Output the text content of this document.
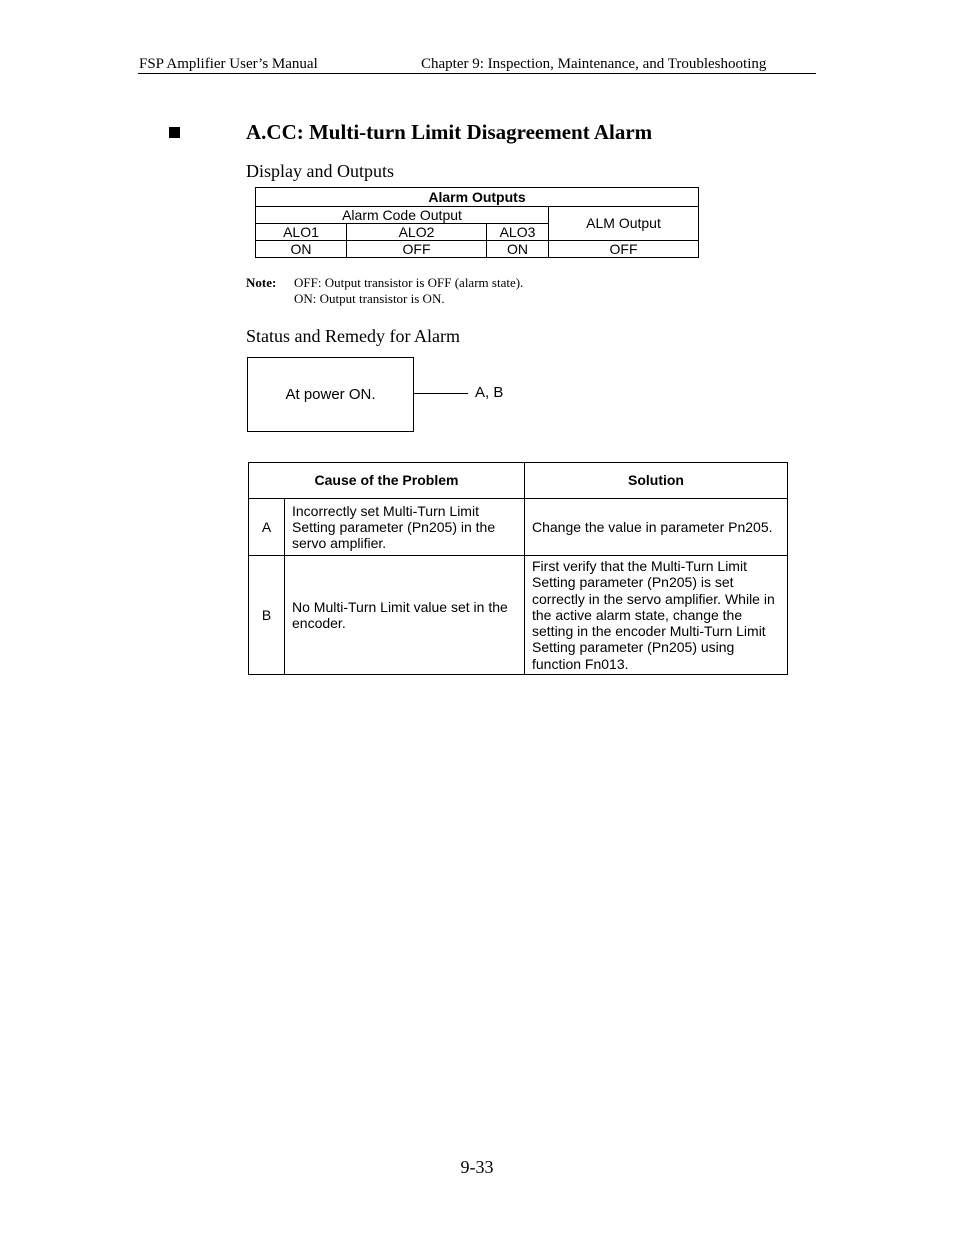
FSP Amplifier User’s Manual	Chapter 9: Inspection, Maintenance, and Troubleshooting
A.CC: Multi-turn Limit Disagreement Alarm
Display and Outputs
Alarm Outputs			
Alarm Code Output			ALM Output
ALO1	ALO2	ALO3	
ON	OFF	ON	OFF
Note: OFF: Output transistor is OFF (alarm state).
ON: Output transistor is ON.
Status and Remedy for Alarm
At power ON.	A, B
Cause of the Problem		Solution
A	Incorrectly set Multi-Turn Limit Setting parameter (Pn205) in the servo amplifier.	Change the value in parameter Pn205.
B	No Multi-Turn Limit value set in the encoder.	First verify that the Multi-Turn Limit Setting parameter (Pn205) is set correctly in the servo amplifier. While in the active alarm state, change the setting in the encoder Multi-Turn Limit Setting parameter (Pn205) using function Fn013.
9-33
